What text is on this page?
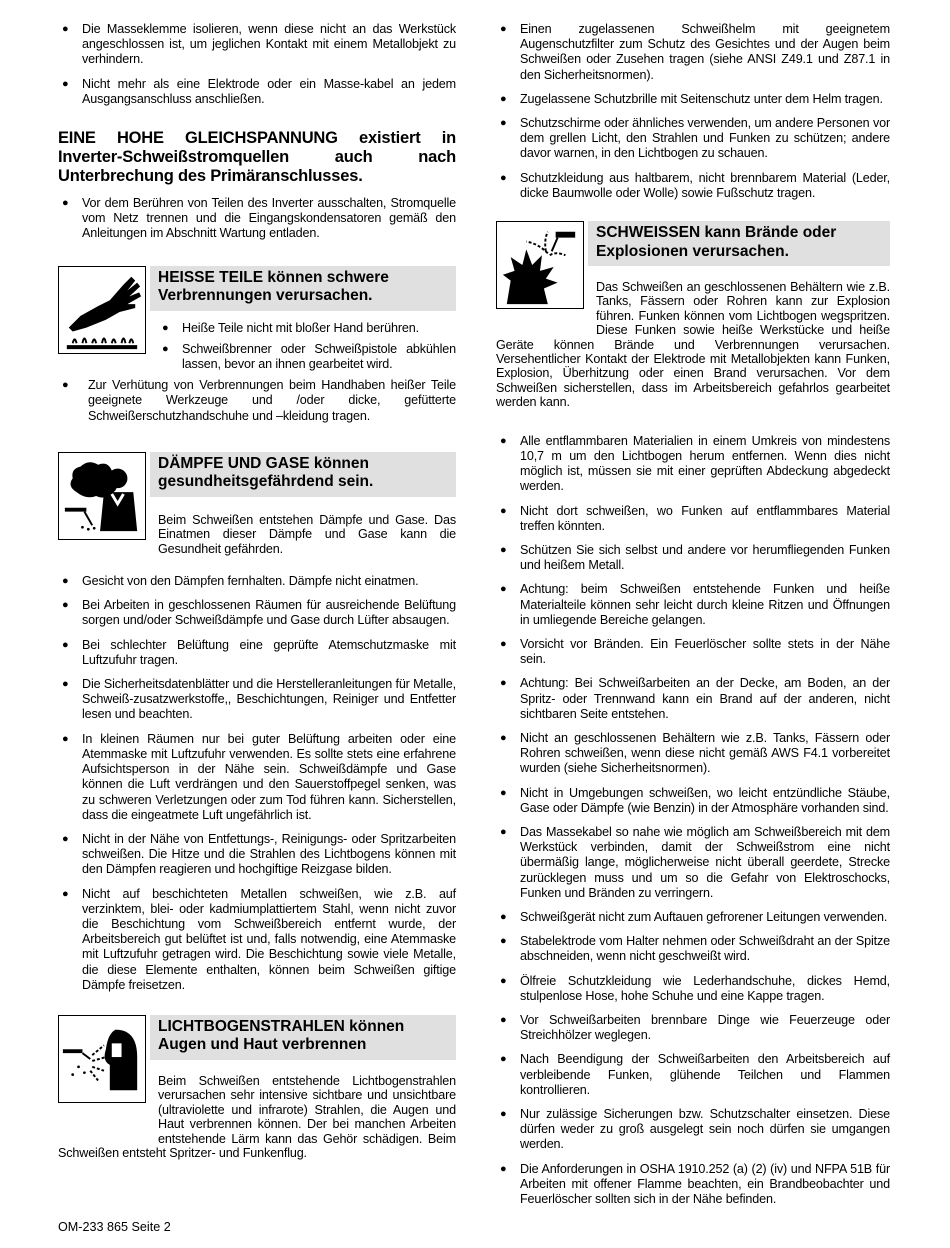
● Die Masseklemme isolieren, wenn diese nicht an das Werkstück angeschlossen ist, um jeglichen Kontakt mit einem Metallobjekt zu verhindern.
● Nicht mehr als eine Elektrode oder ein Masse-kabel an jedem Ausgangsanschluss anschließen.
EINE HOHE GLEICHSPANNUNG existiert in Inverter-Schweißstromquellen auch nach Unterbrechung des Primäranschlusses.
● Vor dem Berühren von Teilen des Inverter ausschalten, Stromquelle vom Netz trennen und die Eingangskondensatoren gemäß den Anleitungen im Abschnitt Wartung entladen.
HEISSE TEILE können schwere
Verbrennungen verursachen.
● Heiße Teile nicht mit bloßer Hand berühren.
● Schweißbrenner oder Schweißpistole abkühlen lassen, bevor an ihnen gearbeitet wird.
● Zur Verhütung von Verbrennungen beim Handhaben heißer Teile geeignete Werkzeuge und /oder dicke, gefütterte Schweißerschutzhandschuhe und –kleidung tragen.
DÄMPFE UND GASE können
gesundheitsgefährdend sein.
Beim Schweißen entstehen Dämpfe und Gase. Das Einatmen dieser Dämpfe und Gase kann die Gesundheit gefährden.
● Gesicht von den Dämpfen fernhalten. Dämpfe nicht einatmen.
● Bei Arbeiten in geschlossenen Räumen für ausreichende Belüftung sorgen und/oder Schweißdämpfe und Gase durch Lüfter absaugen.
● Bei schlechter Belüftung eine geprüfte Atemschutzmaske mit Luftzufuhr tragen.
● Die Sicherheitsdatenblätter und die Herstelleranleitungen für Metalle, Schweiß-zusatzwerkstoffe,, Beschichtungen, Reiniger und Entfetter lesen und beachten.
● In kleinen Räumen nur bei guter Belüftung arbeiten oder eine Atemmaske mit Luftzufuhr verwenden. Es sollte stets eine erfahrene Aufsichtsperson in der Nähe sein. Schweißdämpfe und Gase können die Luft verdrängen und den Sauerstoffpegel senken, was zu schweren Verletzungen oder zum Tod führen kann. Sicherstellen, dass die eingeatmete Luft ungefährlich ist.
● Nicht in der Nähe von Entfettungs-, Reinigungs- oder Spritzarbeiten schweißen. Die Hitze und die Strahlen des Lichtbogens können mit den Dämpfen reagieren und hochgiftige Reizgase bilden.
● Nicht auf beschichteten Metallen schweißen, wie z.B. auf verzinktem, blei- oder kadmiumplattiertem Stahl, wenn nicht zuvor die Beschichtung vom Schweißbereich entfernt wurde, der Arbeitsbereich gut belüftet ist und, falls notwendig, eine Atemmaske mit Luftzufuhr getragen wird. Die Beschichtung sowie viele Metalle, die diese Elemente enthalten, können beim Schweißen giftige Dämpfe freisetzen.
LICHTBOGENSTRAHLEN können
Augen und Haut verbrennen
Beim Schweißen entstehende Lichtbogenstrahlen verursachen sehr intensive sichtbare und unsichtbare (ultraviolette und infrarote) Strahlen, die Augen und Haut verbrennen können. Der bei manchen Arbeiten entstehende Lärm kann das Gehör schädigen. Beim Schweißen entsteht Spritzer- und Funkenflug.
● Einen zugelassenen Schweißhelm mit geeignetem Augenschutzfilter zum Schutz des Gesichtes und der Augen beim Schweißen oder Zusehen tragen (siehe ANSI Z49.1 und Z87.1 in den Sicherheitsnormen).
● Zugelassene Schutzbrille mit Seitenschutz unter dem Helm tragen.
● Schutzschirme oder ähnliches verwenden, um andere Personen vor dem grellen Licht, den Strahlen und Funken zu schützen; andere davor warnen, in den Lichtbogen zu schauen.
● Schutzkleidung aus haltbarem, nicht brennbarem Material (Leder, dicke Baumwolle oder Wolle) sowie Fußschutz tragen.
SCHWEISSEN kann Brände oder
Explosionen verursachen.
Das Schweißen an geschlossenen Behältern wie z.B. Tanks, Fässern oder Rohren kann zur Explosion führen. Funken können vom Lichtbogen wegspritzen. Diese Funken sowie heiße Werkstücke und heiße Geräte können Brände und Verbrennungen verursachen. Versehentlicher Kontakt der Elektrode mit Metallobjekten kann Funken, Explosion, Überhitzung oder einen Brand verursachen. Vor dem Schweißen sicherstellen, dass im Arbeitsbereich gefahrlos gearbeitet werden kann.
● Alle entflammbaren Materialien in einem Umkreis von mindestens 10,7 m um den Lichtbogen herum entfernen. Wenn dies nicht möglich ist, müssen sie mit einer geprüften Abdeckung abgedeckt werden.
● Nicht dort schweißen, wo Funken auf entflammbares Material treffen könnten.
● Schützen Sie sich selbst und andere vor herumfliegenden Funken und heißem Metall.
● Achtung: beim Schweißen entstehende Funken und heiße Materialteile können sehr leicht durch kleine Ritzen und Öffnungen in umliegende Bereiche gelangen.
● Vorsicht vor Bränden. Ein Feuerlöscher sollte stets in der Nähe sein.
● Achtung: Bei Schweißarbeiten an der Decke, am Boden, an der Spritz- oder Trennwand kann ein Brand auf der anderen, nicht sichtbaren Seite entstehen.
● Nicht an geschlossenen Behältern wie z.B. Tanks, Fässern oder Rohren schweißen, wenn diese nicht gemäß AWS F4.1 vorbereitet wurden (siehe Sicherheitsnormen).
● Nicht in Umgebungen schweißen, wo leicht entzündliche Stäube, Gase oder Dämpfe (wie Benzin) in der Atmosphäre vorhanden sind.
● Das Massekabel so nahe wie möglich am Schweißbereich mit dem Werkstück verbinden, damit der Schweißstrom eine nicht übermäßig lange, möglicherweise nicht überall geerdete, Strecke zurücklegen muss und um so die Gefahr von Elektroschocks, Funken und Bränden zu verringern.
● Schweißgerät nicht zum Auftauen gefrorener Leitungen verwenden.
● Stabelektrode vom Halter nehmen oder Schweißdraht an der Spitze abschneiden, wenn nicht geschweißt wird.
● Ölfreie Schutzkleidung wie Lederhandschuhe, dickes Hemd, stulpenlose Hose, hohe Schuhe und eine Kappe tragen.
● Vor Schweißarbeiten brennbare Dinge wie Feuerzeuge oder Streichhölzer weglegen.
● Nach Beendigung der Schweißarbeiten den Arbeitsbereich auf verbleibende Funken, glühende Teilchen und Flammen kontrollieren.
● Nur zulässige Sicherungen bzw. Schutzschalter einsetzen. Diese dürfen weder zu groß ausgelegt sein noch dürfen sie umgangen werden.
● Die Anforderungen in OSHA 1910.252 (a) (2) (iv) und NFPA 51B für Arbeiten mit offener Flamme beachten, ein Brandbeobachter und Feuerlöscher sollten sich in der Nähe befinden.
OM-233 865 Seite 2
